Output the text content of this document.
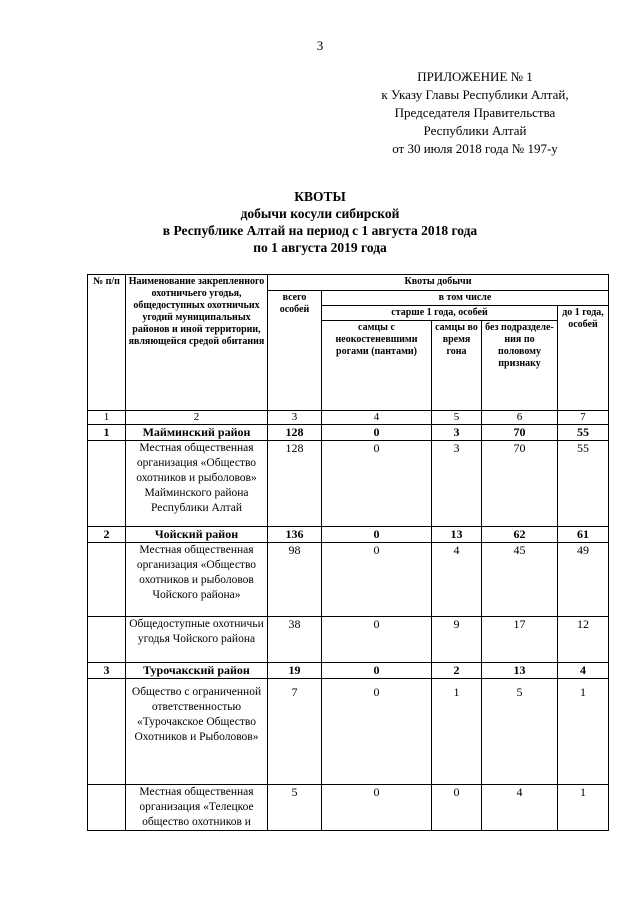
3
ПРИЛОЖЕНИЕ № 1
к Указу Главы Республики Алтай,
Председателя Правительства
Республики Алтай
от 30 июля 2018 года № 197-у
КВОТЫ
добычи косули сибирской
в Республике Алтай на период с 1 августа 2018 года
по 1 августа 2019 года
№ п/п	Наименование закрепленного охотничьего угодья, общедоступных охотничьих угодий муниципальных районов и иной территории, являющейся средой обитания	Квоты добычи				
		всего особей	в том числе			
			старше 1 года, особей			до 1 года, особей
			самцы с неокостеневшими рогами (пантами)	самцы во время гона	без подразделе- ния по половому признаку	
1	2	3	4	5	6	7
1	Майминский район	128	0	3	70	55
	Местная общественная организация «Общество охотников и рыболовов» Майминского района Республики Алтай	128	0	3	70	55
2	Чойский район	136	0	13	62	61
	Местная общественная организация «Общество охотников и рыболовов Чойского района»	98	0	4	45	49
	Общедоступные охотничьи угодья Чойского района	38	0	9	17	12
3	Турочакский район	19	0	2	13	4
	Общество с ограниченной ответственностью «Турочакское Общество Охотников и Рыболовов»	7	0	1	5	1
	Местная общественная организация «Телецкое общество охотников и	5	0	0	4	1
